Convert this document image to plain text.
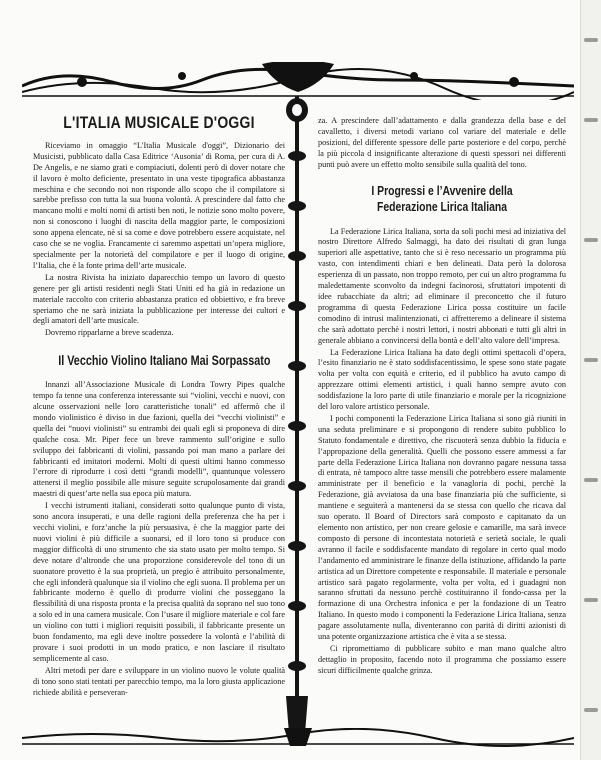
L'ITALIA MUSICALE D'OGGI

Riceviamo in omaggio “L'Italia Musicale d'oggi”, Dizionario dei Musicisti, pubblicato dalla Casa Editrice ‘Ausonia’ di Roma, per cura di A. De Angelis, e ne siamo grati e compiaciuti, dolenti però di dover notare che il lavoro è molto deficiente, presentato in una veste tipografica abbastanza meschina e che secondo noi non risponde allo scopo che il compilatore si sarebbe prefisso con tutta la sua buona volontà. A prescindere dal fatto che mancano molti e molti nomi di artisti ben noti, le notizie sono molto povere, non si conoscono i luoghi di nascita della maggior parte, le composizioni sono appena elencate, nè si sa come e dove potrebbero essere acquistate, nel caso che se ne voglia. Francamente ci saremmo aspettati un’opera migliore, specialmente per la notorietà del compilatore e per il luogo di origine, l’Italia, che è la fonte prima dell’arte musicale.

La nostra Rivista ha iniziato daparecchio tempo un lavoro di questo genere per gli artisti residenti negli Stati Uniti ed ha già in redazione un materiale raccolto con criterio abbastanza pratico ed obbiettivo, e fra breve speriamo che ne sarà iniziata la pubblicazione per interesse dei cultori e degli amatori dell’arte musicale.

Dovremo ripparlarne a breve scadenza.

Il Vecchio Violino Italiano Mai Sorpassato

Innanzi all’Associazione Musicale di Londra Towry Pipes qualche tempo fa tenne una conferenza interessante sui “violini, vecchi e nuovi, con alcune osservazioni nelle loro caratteristiche tonali” ed affermò che il mondo violinistico è diviso in due fazioni, quella dei “vecchi violinisti” e quella dei “nuovi violinisti” su entrambi dei quali egli si proponeva di dire qualche cosa. Mr. Piper fece un breve rammento sull’origine e sullo sviluppo dei fabbricanti di violini, passando poi man mano a parlare dei fabbricanti ed imitatori moderni. Molti di questi ultimi hanno commesso l’errore di riprodurre i così detti “grandi modelli”, quantunque volessero attenersi il meglio possibile alle misure seguite scrupolosamente dai grandi maestri di quest’arte nella sua epoca più matura.

I vecchi istrumenti italiani, considerati sotto qualunque punto di vista, sono ancora insuperati, e una delle ragioni della preferenza che ha per i vecchi violini, e forz’anche la più persuasiva, è che la maggior parte dei nuovi violini è più difficile a suonarsi, ed il loro tono si produce con maggior difficoltà di uno strumento che sia stato usato per molto tempo. Si deve notare d’altronde che una proporzione considerevole del tono di un suonatore provetto è la sua proprietà, un pregio è attribuito personalmente, che egli infonderà qualunque sia il violino che egli suona. Il problema per un fabbricante moderno è quello di produrre violini che posseggano la flessibilità di una risposta pronta e la precisa qualità da soprano nel suo tono a solo ed in una camera musicale. Con l’usare il migliore materiale e col fare un violino con tutti i migliori requisiti possibili, il fabbricante presente un buon fondamento, ma egli deve inoltre possedere la volontà e l’abilità di provare i suoi prodotti in un modo pratico, e non lasciare il risultato semplicemente al caso.

Altri metodi per dare e sviluppare in un violino nuovo le volute qualità di tono sono stati tentati per parecchio tempo, ma la loro giusta applicazione richiede abilità e perseveran-

za. A prescindere dall’adattamento e dalla grandezza della base e del cavalletto, i diversi metodi variano col variare del materiale e delle posizioni, del differente spessore delle parte posteriore e del corpo, perchè la più piccola d insignificante alterazione di questi spessori nei differenti punti può avere un effetto molto sensibile sulla qualità del tono.

I Progressi e l’Avvenire della
Federazione Lirica Italiana

La Federazione Lirica Italiana, sorta da soli pochi mesi ad iniziativa del nostro Direttore Alfredo Salmaggi, ha dato dei risultati di gran lunga superiori alle aspettative, tanto che si è reso necessario un programma più vasto, con intendimenti chiari e ben delineati. Data però la dolorosa esperienza di un passato, non troppo remoto, per cui un altro programma fu maledettamente sconvolto da indegni facinorosi, sfruttatori impotenti di idee rubacchiate da altri; ad eliminare il preconcetto che il futuro programma di questa Federazione Lirica possa costituire un facile comodino di intrusi malintenzionati, ci affretteremo a delineare il sistema che sarà adottato perchè i nostri lettori, i nostri abbonati e tutti gli altri in generale abbiano a convincersi della bontà e dell’alto valore dell’impresa.

La Federazione Lirica Italiana ha dato degli ottimi spettacoli d’opera, l’esito finanziario ne è stato soddisfacentissimo, le spese sono state pagate volta per volta con equità e criterio, ed il pubblico ha avuto campo di apprezzare ottimi elementi artistici, i quali hanno sempre avuto con soddisfazione la loro parte di utile finanziario e morale per la ricognizione del loro valore artistico personale.

I pochi componenti la Federazione Lirica Italiana si sono già riuniti in una seduta preliminare e si propongono di rendere subito pubblico lo Statuto fondamentale e direttivo, che riscuoterà senza dubbio la fiducia e l’appropazione della generalità. Quelli che possono essere ammessi a far parte della Federazione Lirica Italiana non dovranno pagare nessuna tassa di entrata, nè tampoco altre tasse mensili che potrebbero essere malamente amministrate per il beneficio e la vanagloria di pochi, perchè la Federazione, già avviatosa da una base finanziaria più che sufficiente, si mantiene e seguiterà a mantenersi da se stessa con quello che ricava dal suo operato. Il Board of Directors sarà composto e capitanato da un elemento non artistico, per non creare gelosie e camarille, ma sarà invece composto di persone di incontestata notorietà e serietà sociale, le quali avranno il facile e soddisfacente mandato di regolare in certo qual modo l’andamento ed amministrare le finanze della istituzione, affidando la parte artistica ad un Direttore competente e responsabile. Il materiale e personale artistico sarà pagato regolarmente, volta per volta, ed i guadagni non saranno sfruttati da nessuno perchè costituiranno il fondo-cassa per la formazione di una Orchestra infonica e per la fondazione di un Teatro Italiano. In questo modo i componenti la Federazione Lirica Italiana, senza pagare assolutamente nulla, diventeranno con parità di diritti azionisti di una potente organizzazione artistica che è vita a se stessa.

Ci ripromettiamo di pubblicare subito e man mano qualche altro dettaglio in proposito, facendo noto il programma che possiamo essere sicuri difficilmente qualche grinza.
